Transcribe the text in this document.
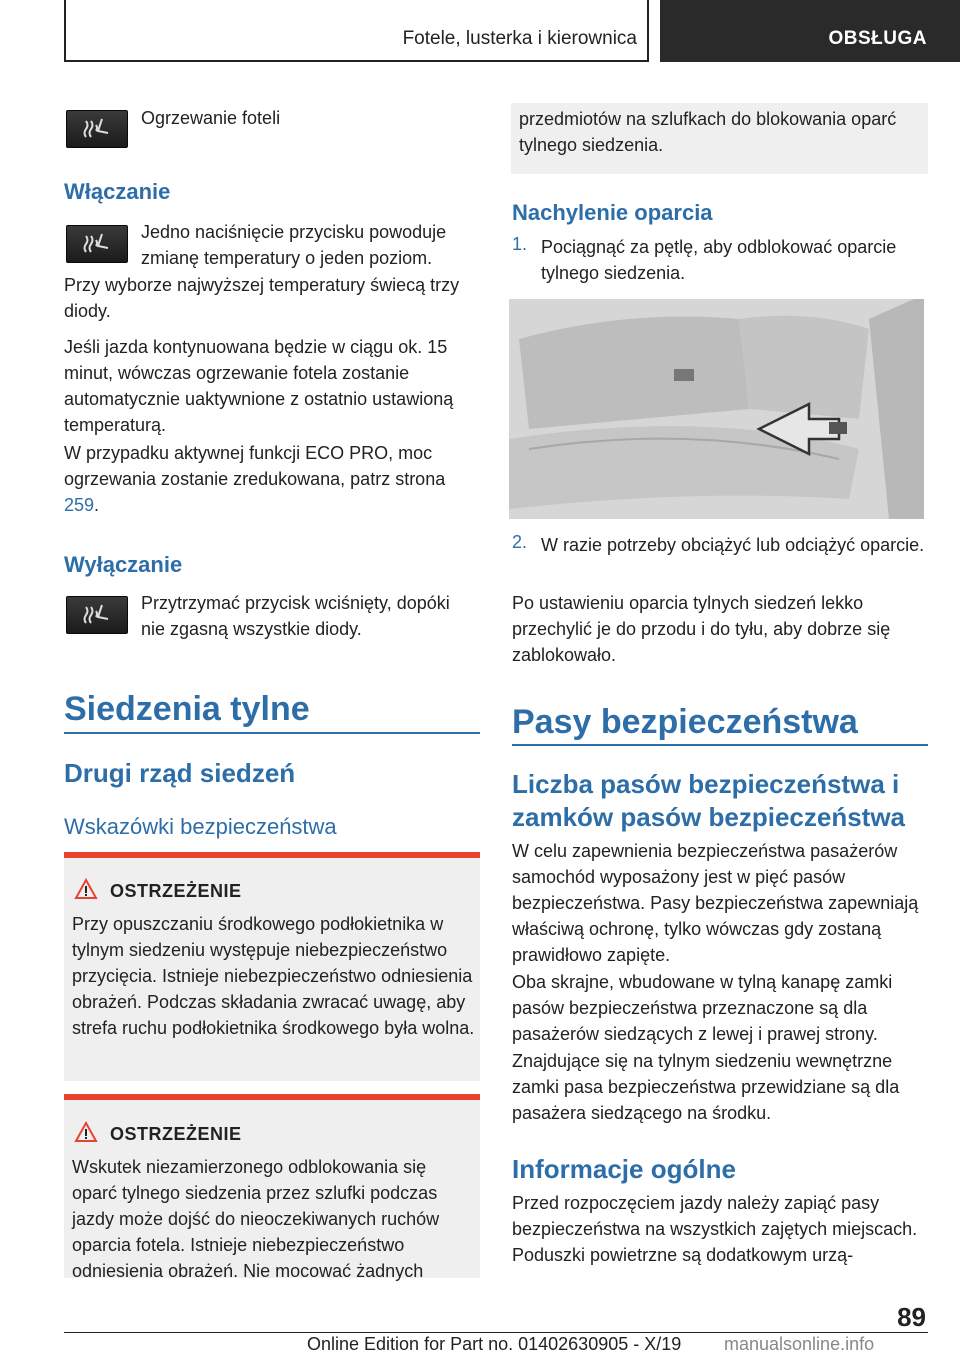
Fotele, lusterka i kierownica	OBSŁUGA
Ogrzewanie foteli
Włączanie
Jedno naciśnięcie przycisku powoduje zmianę temperatury o jeden poziom.
Przy wyborze najwyższej temperatury świecą trzy diody.
Jeśli jazda kontynuowana będzie w ciągu ok. 15 minut, wówczas ogrzewanie fotela zostanie automatycznie uaktywnione z ostatnio ustawioną temperaturą.
W przypadku aktywnej funkcji ECO PRO, moc ogrzewania zostanie zredukowana, patrz strona 259.
Wyłączanie
Przytrzymać przycisk wciśnięty, dopóki nie zgasną wszystkie diody.
Siedzenia tylne
Drugi rząd siedzeń
Wskazówki bezpieczeństwa
OSTRZEŻENIE
Przy opuszczaniu środkowego podłokietnika w tylnym siedzeniu występuje niebezpieczeństwo przycięcia. Istnieje niebezpieczeństwo odniesienia obrażeń. Podczas składania zwracać uwagę, aby strefa ruchu podłokietnika środkowego była wolna.
OSTRZEŻENIE
Wskutek niezamierzonego odblokowania się oparć tylnego siedzenia przez szlufki podczas jazdy może dojść do nieoczekiwanych ruchów oparcia fotela. Istnieje niebezpieczeństwo odniesienia obrażeń. Nie mocować żadnych
przedmiotów na szlufkach do blokowania oparć tylnego siedzenia.
Nachylenie oparcia
1. Pociągnąć za pętlę, aby odblokować oparcie tylnego siedzenia.
2. W razie potrzeby obciążyć lub odciążyć oparcie.
Po ustawieniu oparcia tylnych siedzeń lekko przechylić je do przodu i do tyłu, aby dobrze się zablokowało.
Pasy bezpieczeństwa
Liczba pasów bezpieczeństwa i zamków pasów bezpieczeństwa
W celu zapewnienia bezpieczeństwa pasażerów samochód wyposażony jest w pięć pasów bezpieczeństwa. Pasy bezpieczeństwa zapewniają właściwą ochronę, tylko wówczas gdy zostaną prawidłowo zapięte.
Oba skrajne, wbudowane w tylną kanapę zamki pasów bezpieczeństwa przeznaczone są dla pasażerów siedzących z lewej i prawej strony.
Znajdujące się na tylnym siedzeniu wewnętrzne zamki pasa bezpieczeństwa przewidziane są dla pasażera siedzącego na środku.
Informacje ogólne
Przed rozpoczęciem jazdy należy zapiąć pasy bezpieczeństwa na wszystkich zajętych miejscach. Poduszki powietrzne są dodatkowym urzą-
89
Online Edition for Part no. 01402630905 - X/19 manualsonline.info
